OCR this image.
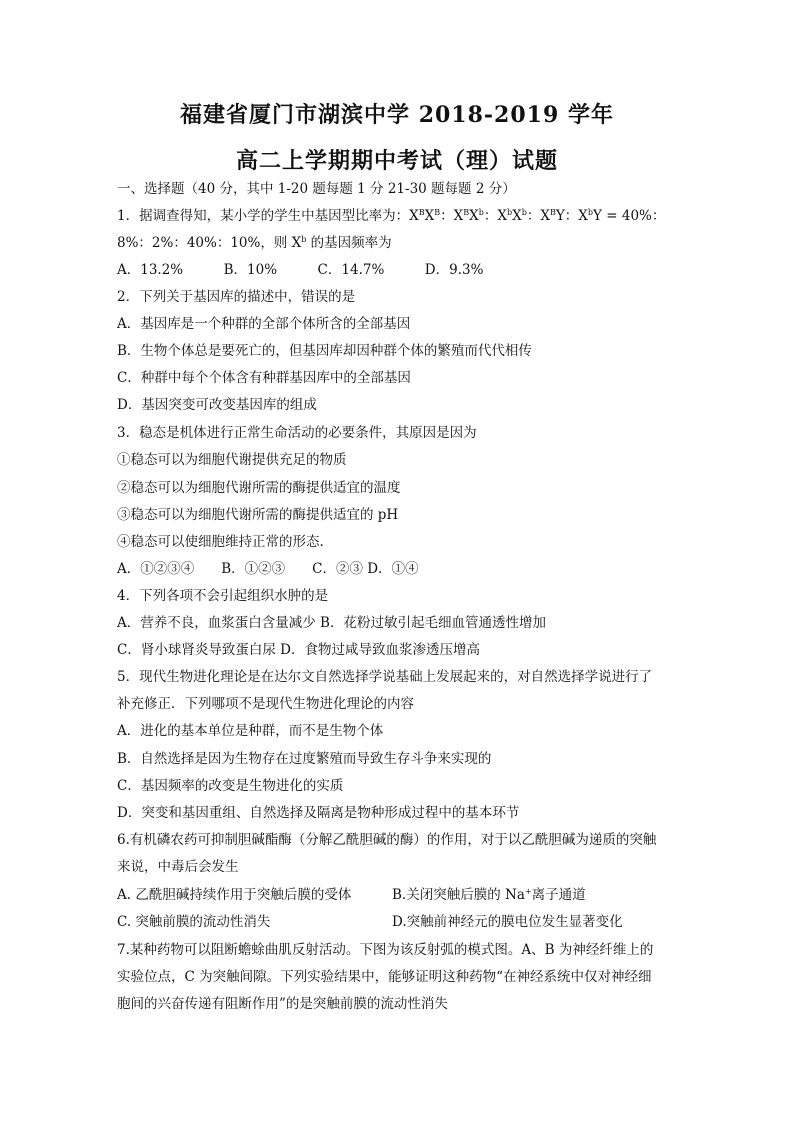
福建省厦门市湖滨中学 2018-2019 学年
高二上学期期中考试（理）试题
一、选择题（40 分，其中 1-20 题每题 1 分 21-30 题每题 2 分）
1．据调查得知，某小学的学生中基因型比率为：$X^BX^B$：$X^BX^b$：$X^bX^b$：$X^BY$：$X^bY = 40\%$：
8%：2%：40%：10%，则 $X^b$ 的基因频率为
A．13.2%　　　B．10%　　　C．14.7%　　　D．9.3%
2．下列关于基因库的描述中，错误的是
A．基因库是一个种群的全部个体所含的全部基因
B．生物个体总是要死亡的，但基因库却因种群个体的繁殖而代代相传
C．种群中每个个体含有种群基因库中的全部基因
D．基因突变可改变基因库的组成
3．稳态是机体进行正常生命活动的必要条件，其原因是因为
①稳态可以为细胞代谢提供充足的物质
②稳态可以为细胞代谢所需的酶提供适宜的温度
③稳态可以为细胞代谢所需的酶提供适宜的 pH
④稳态可以使细胞维持正常的形态.
A．①②③④　　B．①②③　　C．②③ D．①④
4．下列各项不会引起组织水肿的是
A．营养不良，血浆蛋白含量减少 B．花粉过敏引起毛细血管通透性增加
C．肾小球肾炎导致蛋白尿 D．食物过咸导致血浆渗透压增高
5．现代生物进化理论是在达尔文自然选择学说基础上发展起来的，对自然选择学说进行了
补充修正．下列哪项不是现代生物进化理论的内容
A．进化的基本单位是种群，而不是生物个体
B．自然选择是因为生物存在过度繁殖而导致生存斗争来实现的
C．基因频率的改变是生物进化的实质
D．突变和基因重组、自然选择及隔离是物种形成过程中的基本环节
6.有机磷农药可抑制胆碱酯酶（分解乙酰胆碱的酶）的作用，对于以乙酰胆碱为递质的突触
来说，中毒后会发生
A. 乙酰胆碱持续作用于突触后膜的受体	B.关闭突触后膜的 Na+离子通道
C. 突触前膜的流动性消失	D.突触前神经元的膜电位发生显著变化
7.某种药物可以阻断蟾蜍曲肌反射活动。下图为该反射弧的模式图。A、B 为神经纤维上的
实验位点，C 为突触间隙。下列实验结果中，能够证明这种药物“在神经系统中仅对神经细
胞间的兴奋传递有阻断作用”的是突触前膜的流动性消失
